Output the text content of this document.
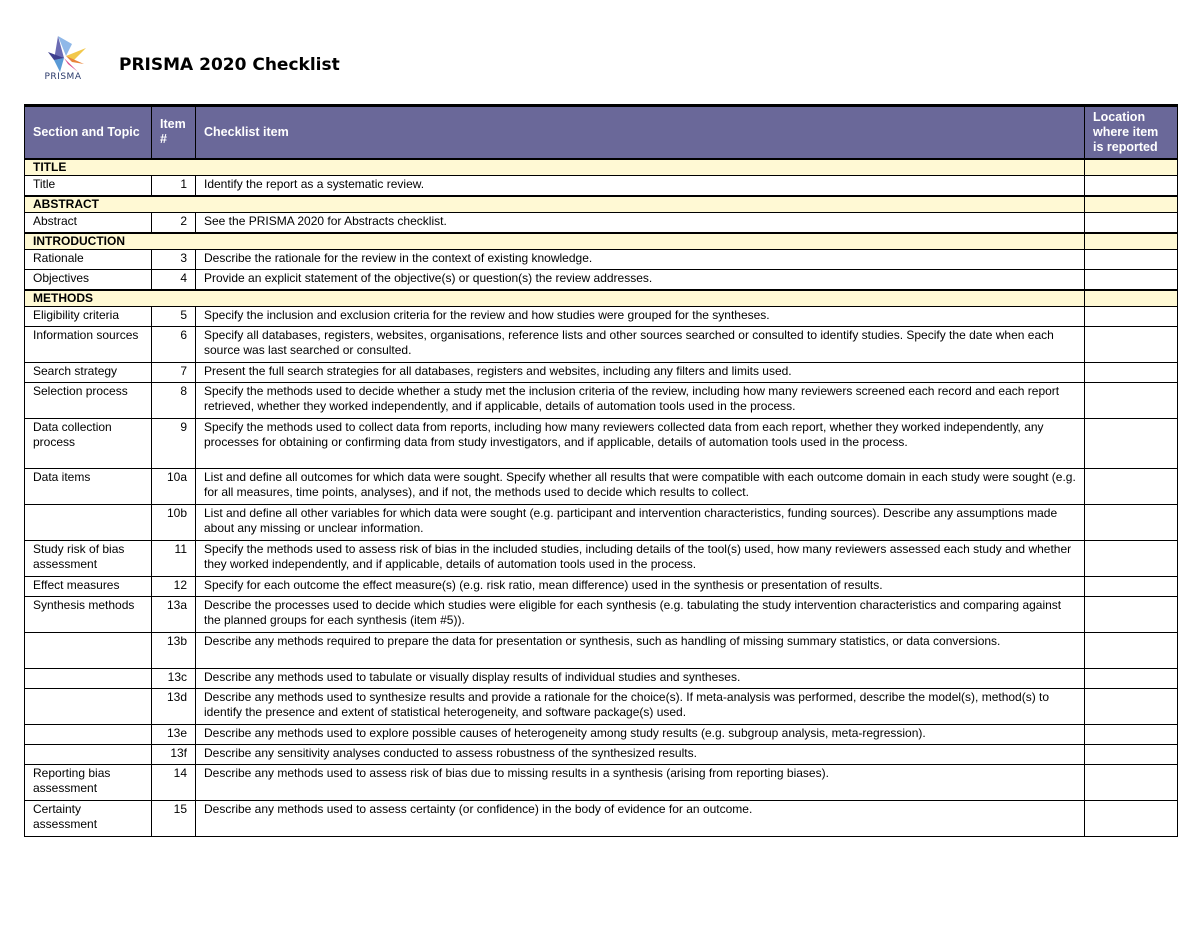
PRISMA
PRISMA 2020 Checklist
Section and Topic	Item #	Checklist item	Location where item is reported
TITLE			
Title	1	Identify the report as a systematic review.	
ABSTRACT			
Abstract	2	See the PRISMA 2020 for Abstracts checklist.	
INTRODUCTION			
Rationale	3	Describe the rationale for the review in the context of existing knowledge.	
Objectives	4	Provide an explicit statement of the objective(s) or question(s) the review addresses.	
METHODS			
Eligibility criteria	5	Specify the inclusion and exclusion criteria for the review and how studies were grouped for the syntheses.	
Information sources	6	Specify all databases, registers, websites, organisations, reference lists and other sources searched or consulted to identify studies. Specify the date when each source was last searched or consulted.	
Search strategy	7	Present the full search strategies for all databases, registers and websites, including any filters and limits used.	
Selection process	8	Specify the methods used to decide whether a study met the inclusion criteria of the review, including how many reviewers screened each record and each report retrieved, whether they worked independently, and if applicable, details of automation tools used in the process.	
Data collection process	9	Specify the methods used to collect data from reports, including how many reviewers collected data from each report, whether they worked independently, any processes for obtaining or confirming data from study investigators, and if applicable, details of automation tools used in the process.	
Data items	10a	List and define all outcomes for which data were sought. Specify whether all results that were compatible with each outcome domain in each study were sought (e.g. for all measures, time points, analyses), and if not, the methods used to decide which results to collect.	
	10b	List and define all other variables for which data were sought (e.g. participant and intervention characteristics, funding sources). Describe any assumptions made about any missing or unclear information.	
Study risk of bias assessment	11	Specify the methods used to assess risk of bias in the included studies, including details of the tool(s) used, how many reviewers assessed each study and whether they worked independently, and if applicable, details of automation tools used in the process.	
Effect measures	12	Specify for each outcome the effect measure(s) (e.g. risk ratio, mean difference) used in the synthesis or presentation of results.	
Synthesis methods	13a	Describe the processes used to decide which studies were eligible for each synthesis (e.g. tabulating the study intervention characteristics and comparing against the planned groups for each synthesis (item #5)).	
	13b	Describe any methods required to prepare the data for presentation or synthesis, such as handling of missing summary statistics, or data conversions.	
	13c	Describe any methods used to tabulate or visually display results of individual studies and syntheses.	
	13d	Describe any methods used to synthesize results and provide a rationale for the choice(s). If meta-analysis was performed, describe the model(s), method(s) to identify the presence and extent of statistical heterogeneity, and software package(s) used.	
	13e	Describe any methods used to explore possible causes of heterogeneity among study results (e.g. subgroup analysis, meta-regression).	
	13f	Describe any sensitivity analyses conducted to assess robustness of the synthesized results.	
Reporting bias assessment	14	Describe any methods used to assess risk of bias due to missing results in a synthesis (arising from reporting biases).	
Certainty assessment	15	Describe any methods used to assess certainty (or confidence) in the body of evidence for an outcome.	
